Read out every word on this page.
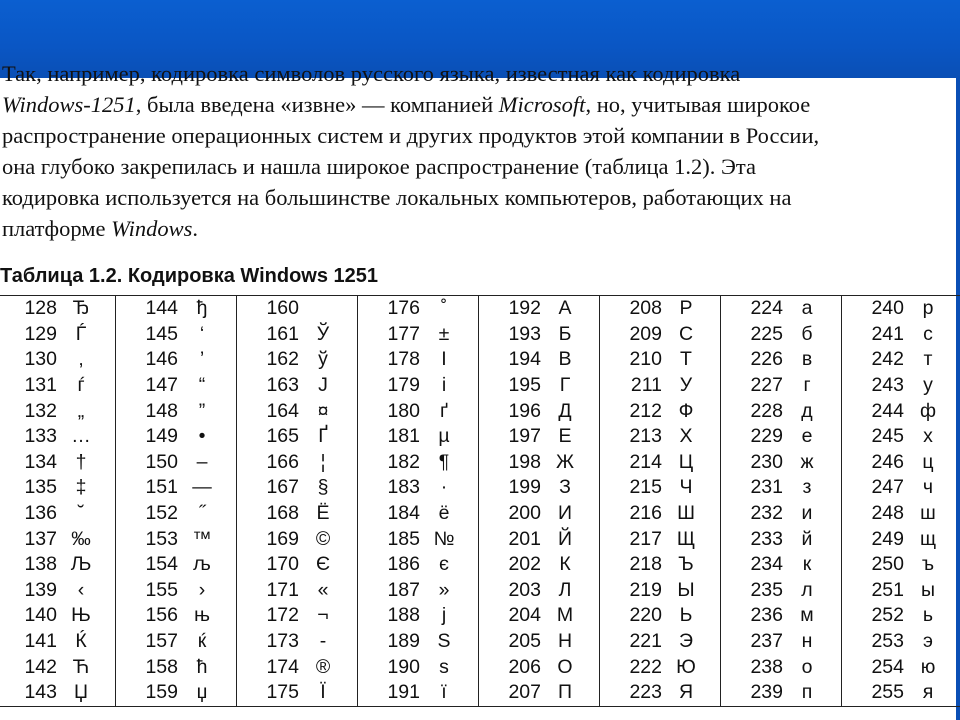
Так, например, кодировка символов русского языка, известная как кодировка
Windows-1251, была введена «извне» — компанией Microsoft, но, учитывая широкое
распространение операционных систем и других продуктов этой компании в России,
она глубоко закрепилась и нашла широкое распространение (таблица 1.2). Эта
кодировка используется на большинстве локальных компьютеров, работающих на
платформе Windows.
Таблица 1.2. Кодировка Windows 1251
128 Ђ	144 ђ	160	176 ˚	192 А	208 Р	224 а	240 р

129 Ѓ	145 ‘	161 Ў	177 ±	193 Б	209 С	225 б	241 с

130 ‚	146 ’	162 ў	178 І	194 В	210 Т	226 в	242 т

131 ѓ	147 “	163 Ј	179 і	195 Г	211 У	227 г	243 у

132 „	148 ”	164 ¤	180 ґ	196 Д	212 Ф	228 д	244 ф

133 …	149 •	165 Ґ	181 µ	197 Е	213 Х	229 е	245 х

134 †	150 –	166 ¦	182 ¶	198 Ж	214 Ц	230 ж	246 ц

135 ‡	151 —	167 §	183 ·	199 З	215 Ч	231 з	247 ч

136 ˘	152 ˝	168 Ё	184 ё	200 И	216 Ш	232 и	248 ш

137 ‰	153 ™	169 ©	185 №	201 Й	217 Щ	233 й	249 щ

138 Љ	154 љ	170 Є	186 є	202 К	218 Ъ	234 к	250 ъ

139 ‹	155 ›	171 «	187 »	203 Л	219 Ы	235 л	251 ы

140 Њ	156 њ	172 ¬	188 j	204 М	220 Ь	236 м	252 ь

141 Ќ	157 ќ	173 -	189 S	205 Н	221 Э	237 н	253 э

142 Ћ	158 ћ	174 ®	190 s	206 О	222 Ю	238 о	254 ю

143 Џ	159 џ	175 Ї	191 ї	207 П	223 Я	239 п	255 я
